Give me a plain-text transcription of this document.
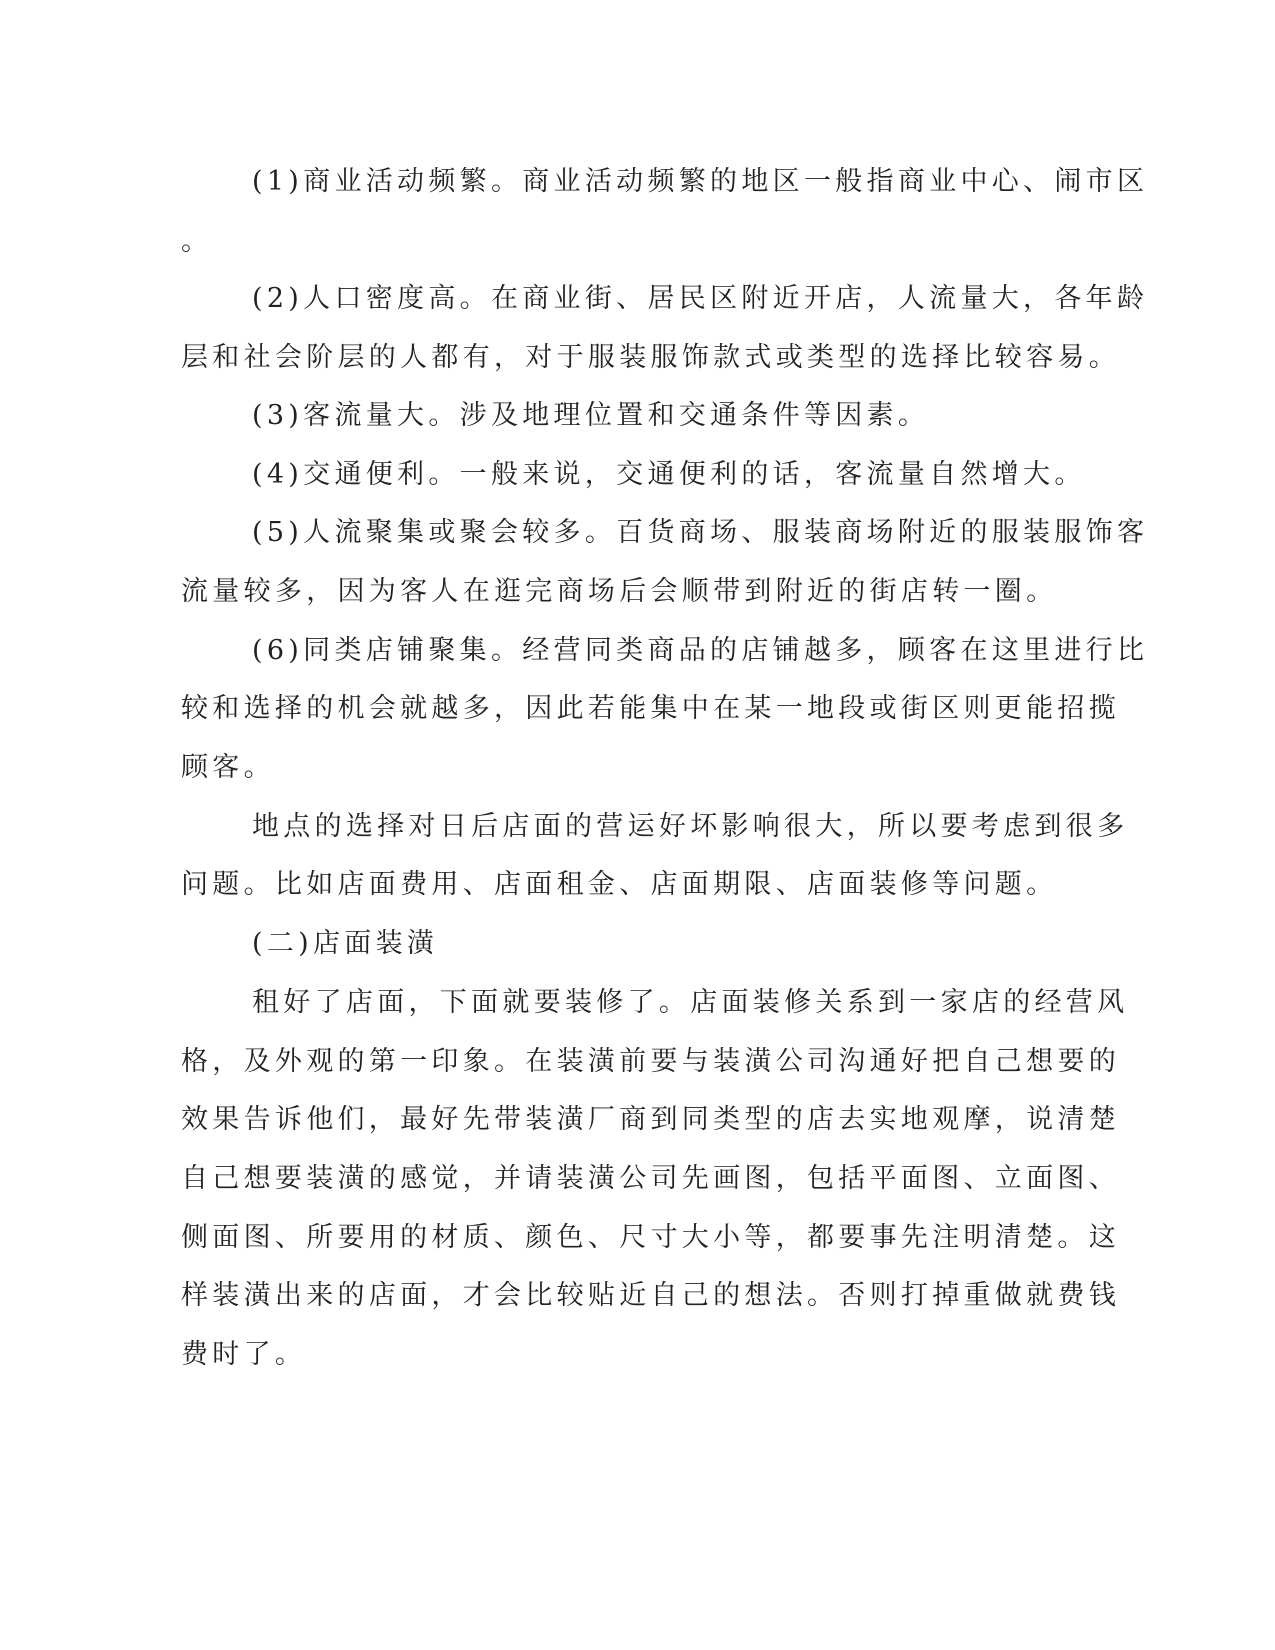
(1)商业活动频繁。商业活动频繁的地区一般指商业中心、闹市区
。
(2)人口密度高。在商业街、居民区附近开店，人流量大，各年龄
层和社会阶层的人都有，对于服装服饰款式或类型的选择比较容易。
(3)客流量大。涉及地理位置和交通条件等因素。
(4)交通便利。一般来说，交通便利的话，客流量自然增大。
(5)人流聚集或聚会较多。百货商场、服装商场附近的服装服饰客
流量较多，因为客人在逛完商场后会顺带到附近的街店转一圈。
(6)同类店铺聚集。经营同类商品的店铺越多，顾客在这里进行比
较和选择的机会就越多，因此若能集中在某一地段或街区则更能招揽
顾客。
地点的选择对日后店面的营运好坏影响很大，所以要考虑到很多
问题。比如店面费用、店面租金、店面期限、店面装修等问题。
(二)店面装潢
租好了店面，下面就要装修了。店面装修关系到一家店的经营风
格，及外观的第一印象。在装潢前要与装潢公司沟通好把自己想要的
效果告诉他们，最好先带装潢厂商到同类型的店去实地观摩，说清楚
自己想要装潢的感觉，并请装潢公司先画图，包括平面图、立面图、
侧面图、所要用的材质、颜色、尺寸大小等，都要事先注明清楚。这
样装潢出来的店面，才会比较贴近自己的想法。否则打掉重做就费钱
费时了。
